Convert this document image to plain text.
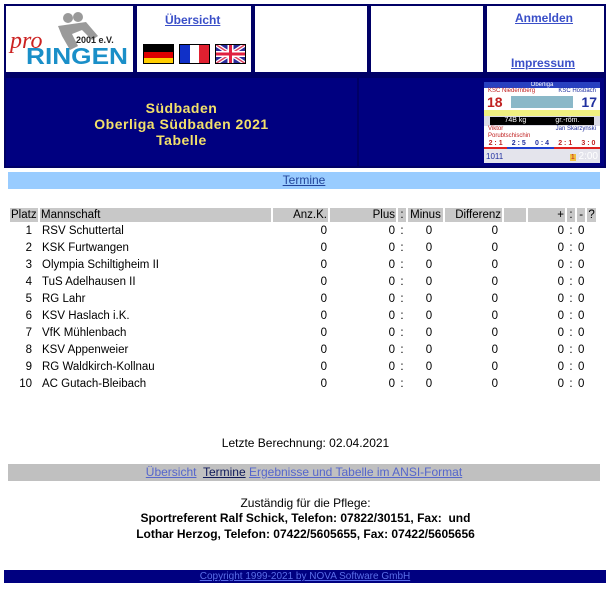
pro	2001 e.V.
RINGEN
Übersicht	Anmelden
Impressum
Südbaden
Oberliga Südbaden 2021
Tabelle
Oberliga
KSC Niedernberg	KSC Hösbach
18	17
74B kg	gr.-röm.
Viktor Porubtschischin
Jan Skarzynski
2 : 1	2 : 5	0 : 4	2 : 1	3 : 0
1011	1 2:00
Termine
Platz	Mannschaft	Anz.K.	Plus	:	Minus	Differenz		+	:	-	?
1	RSV Schuttertal	0	0	:	0	0		0	:	0	
2	KSK Furtwangen	0	0	:	0	0		0	:	0	
3	Olympia Schiltigheim II	0	0	:	0	0		0	:	0	
4	TuS Adelhausen II	0	0	:	0	0		0	:	0	
5	RG Lahr	0	0	:	0	0		0	:	0	
6	KSV Haslach i.K.	0	0	:	0	0		0	:	0	
7	VfK Mühlenbach	0	0	:	0	0		0	:	0	
8	KSV Appenweier	0	0	:	0	0		0	:	0	
9	RG Waldkirch-Kollnau	0	0	:	0	0		0	:	0	
10	AC Gutach-Bleibach	0	0	:	0	0		0	:	0	
Letzte Berechnung: 02.04.2021
Übersicht Termine Ergebnisse und Tabelle im ANSI-Format
Zuständig für die Pflege:
Sportreferent Ralf Schick, Telefon: 07822/30151, Fax:  und
Lothar Herzog, Telefon: 07422/5605655, Fax: 07422/5605656
Copyright 1999-2021 by NOVA Software GmbH
